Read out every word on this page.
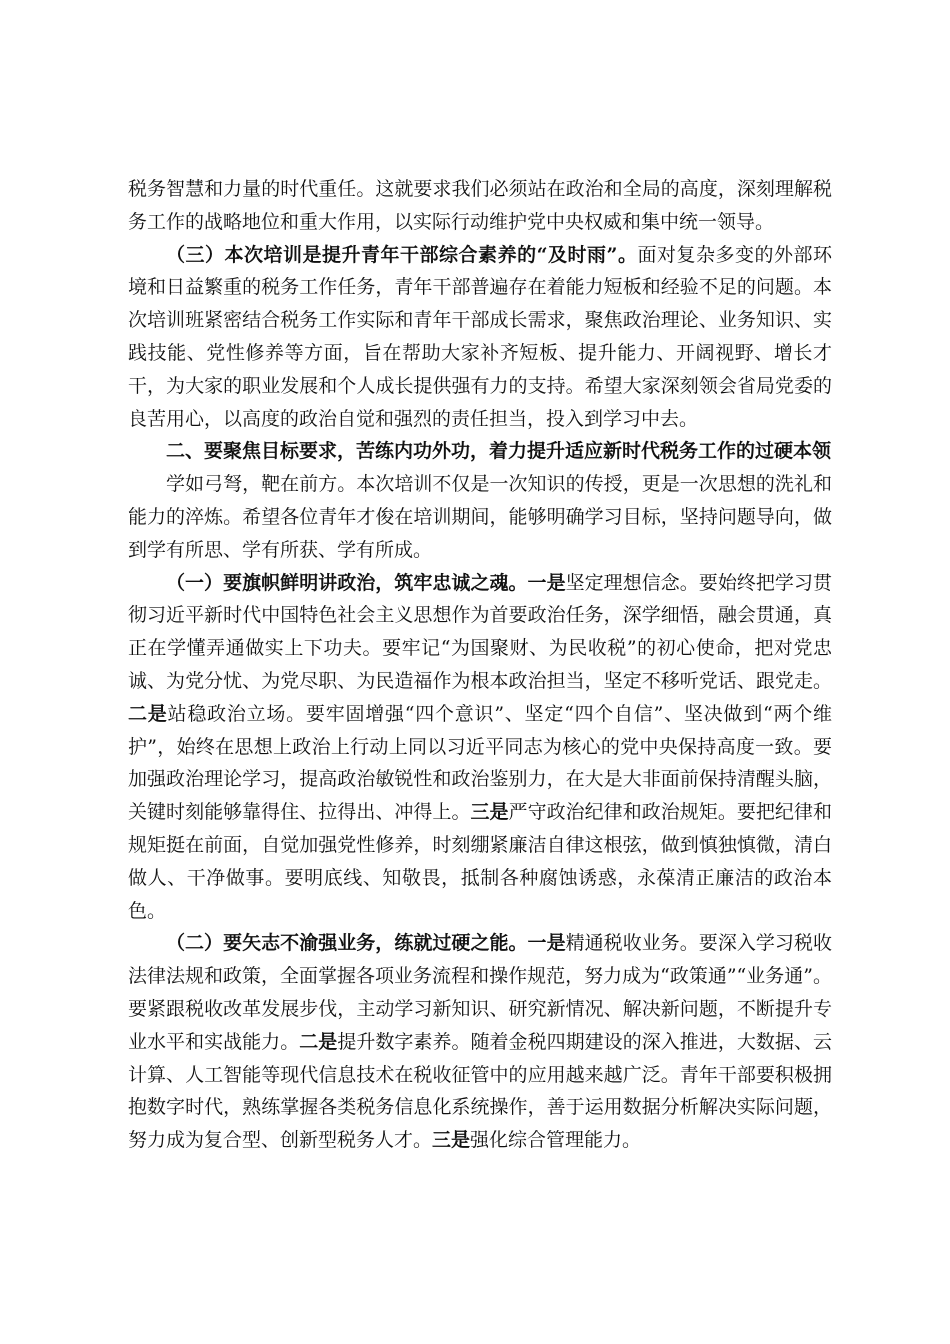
税务智慧和力量的时代重任。这就要求我们必须站在政治和全局的高度，深刻理解税务工作的战略地位和重大作用，以实际行动维护党中央权威和集中统一领导。

（三）本次培训是提升青年干部综合素养的“及时雨”。面对复杂多变的外部环境和日益繁重的税务工作任务，青年干部普遍存在着能力短板和经验不足的问题。本次培训班紧密结合税务工作实际和青年干部成长需求，聚焦政治理论、业务知识、实践技能、党性修养等方面，旨在帮助大家补齐短板、提升能力、开阔视野、增长才干，为大家的职业发展和个人成长提供强有力的支持。希望大家深刻领会省局党委的良苦用心，以高度的政治自觉和强烈的责任担当，投入到学习中去。

二、要聚焦目标要求，苦练内功外功，着力提升适应新时代税务工作的过硬本领

学如弓弩，靶在前方。本次培训不仅是一次知识的传授，更是一次思想的洗礼和能力的淬炼。希望各位青年才俊在培训期间，能够明确学习目标，坚持问题导向，做到学有所思、学有所获、学有所成。

（一）要旗帜鲜明讲政治，筑牢忠诚之魂。一是坚定理想信念。要始终把学习贯彻习近平新时代中国特色社会主义思想作为首要政治任务，深学细悟，融会贯通，真正在学懂弄通做实上下功夫。要牢记“为国聚财、为民收税”的初心使命，把对党忠诚、为党分忧、为党尽职、为民造福作为根本政治担当，坚定不移听党话、跟党走。二是站稳政治立场。要牢固增强“四个意识”、坚定“四个自信”、坚决做到“两个维护”，始终在思想上政治上行动上同以习近平同志为核心的党中央保持高度一致。要加强政治理论学习，提高政治敏锐性和政治鉴别力，在大是大非面前保持清醒头脑，关键时刻能够靠得住、拉得出、冲得上。三是严守政治纪律和政治规矩。要把纪律和规矩挺在前面，自觉加强党性修养，时刻绷紧廉洁自律这根弦，做到慎独慎微，清白做人、干净做事。要明底线、知敬畏，抵制各种腐蚀诱惑，永葆清正廉洁的政治本色。

（二）要矢志不渝强业务，练就过硬之能。一是精通税收业务。要深入学习税收法律法规和政策，全面掌握各项业务流程和操作规范，努力成为“政策通”“业务通”。要紧跟税收改革发展步伐，主动学习新知识、研究新情况、解决新问题，不断提升专业水平和实战能力。二是提升数字素养。随着金税四期建设的深入推进，大数据、云计算、人工智能等现代信息技术在税收征管中的应用越来越广泛。青年干部要积极拥抱数字时代，熟练掌握各类税务信息化系统操作，善于运用数据分析解决实际问题，努力成为复合型、创新型税务人才。三是强化综合管理能力。
